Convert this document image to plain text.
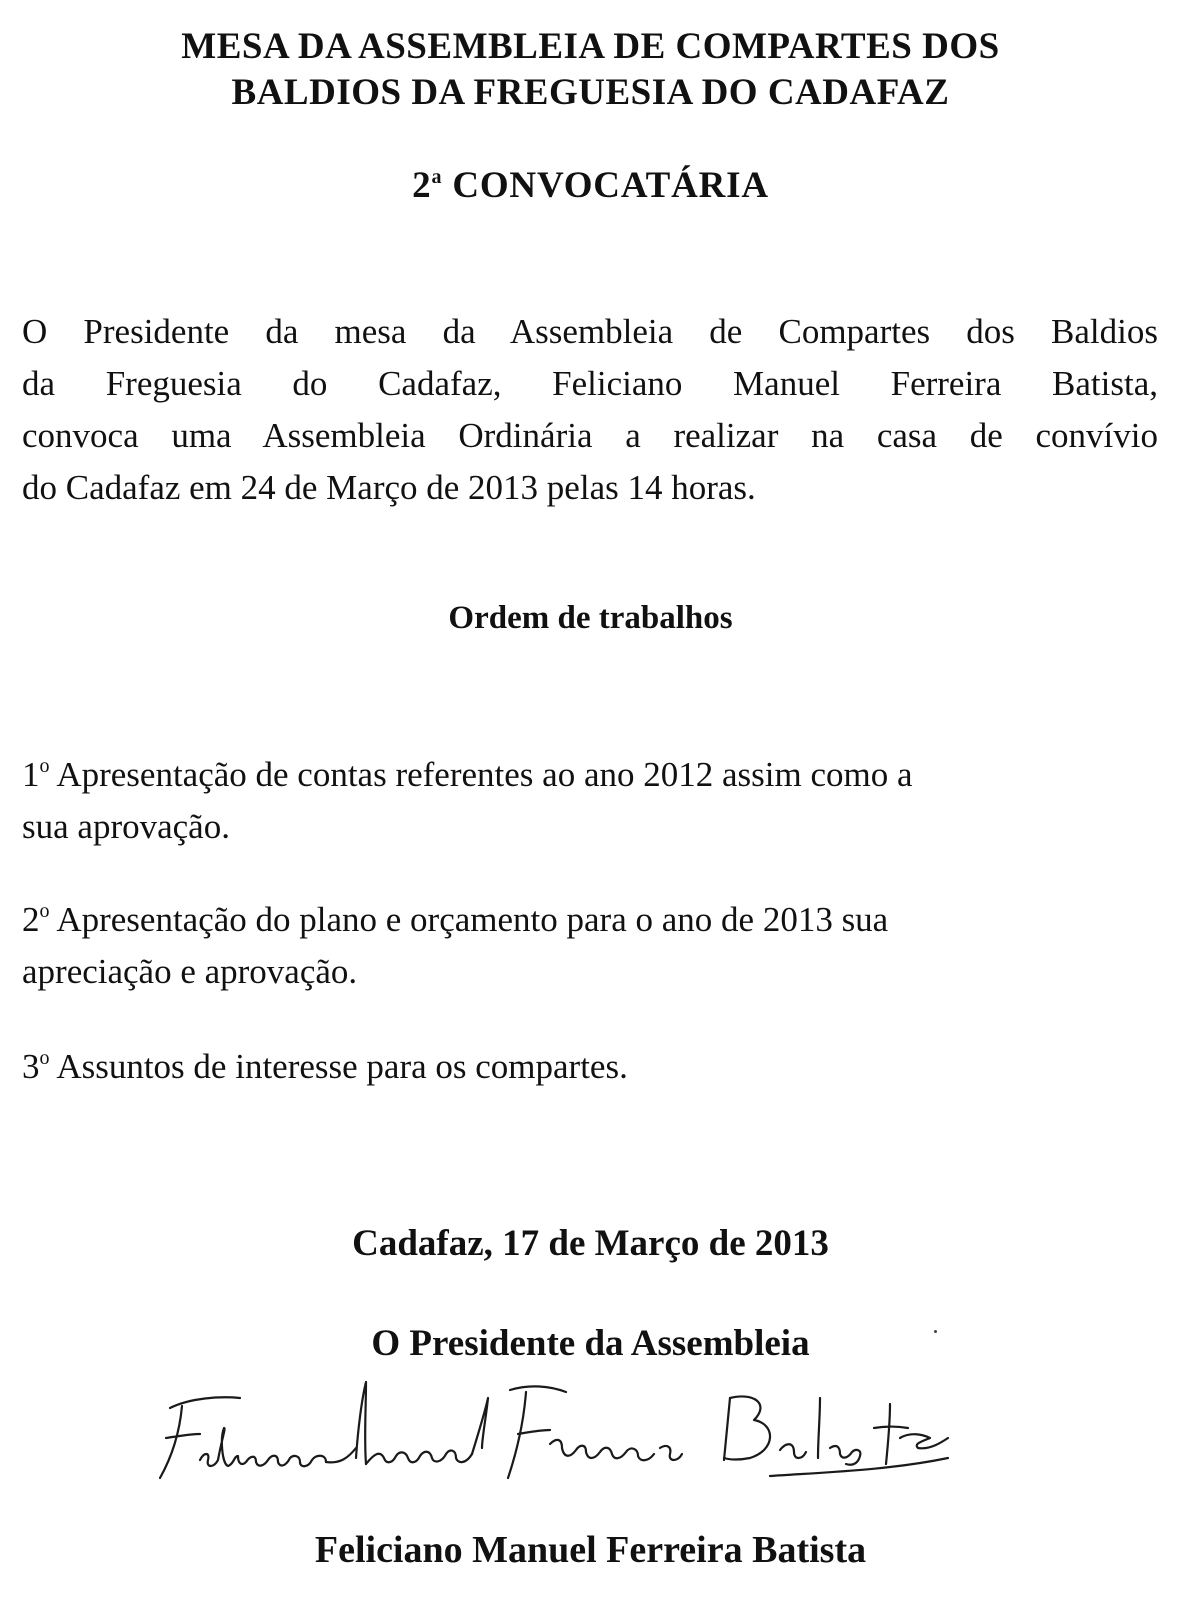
MESA DA ASSEMBLEIA DE COMPARTES DOS
BALDIOS DA FREGUESIA DO CADAFAZ
2$^a$ CONVOCATÁRIA
O Presidente da mesa da Assembleia de Compartes dos Baldios
da Freguesia do Cadafaz, Feliciano Manuel Ferreira Batista,
convoca uma Assembleia Ordinária a realizar na casa de convívio
do Cadafaz em 24 de Março de 2013 pelas 14 horas.
Ordem de trabalhos
1$^o$ Apresentação de contas referentes ao ano 2012 assim como a
sua aprovação.
2$^o$ Apresentação do plano e orçamento para o ano de 2013 sua
apreciação e aprovação.
3$^o$ Assuntos de interesse para os compartes.
Cadafaz, 17 de Março de 2013
O Presidente da Assembleia
Feliciano Manuel Ferreira Batista
